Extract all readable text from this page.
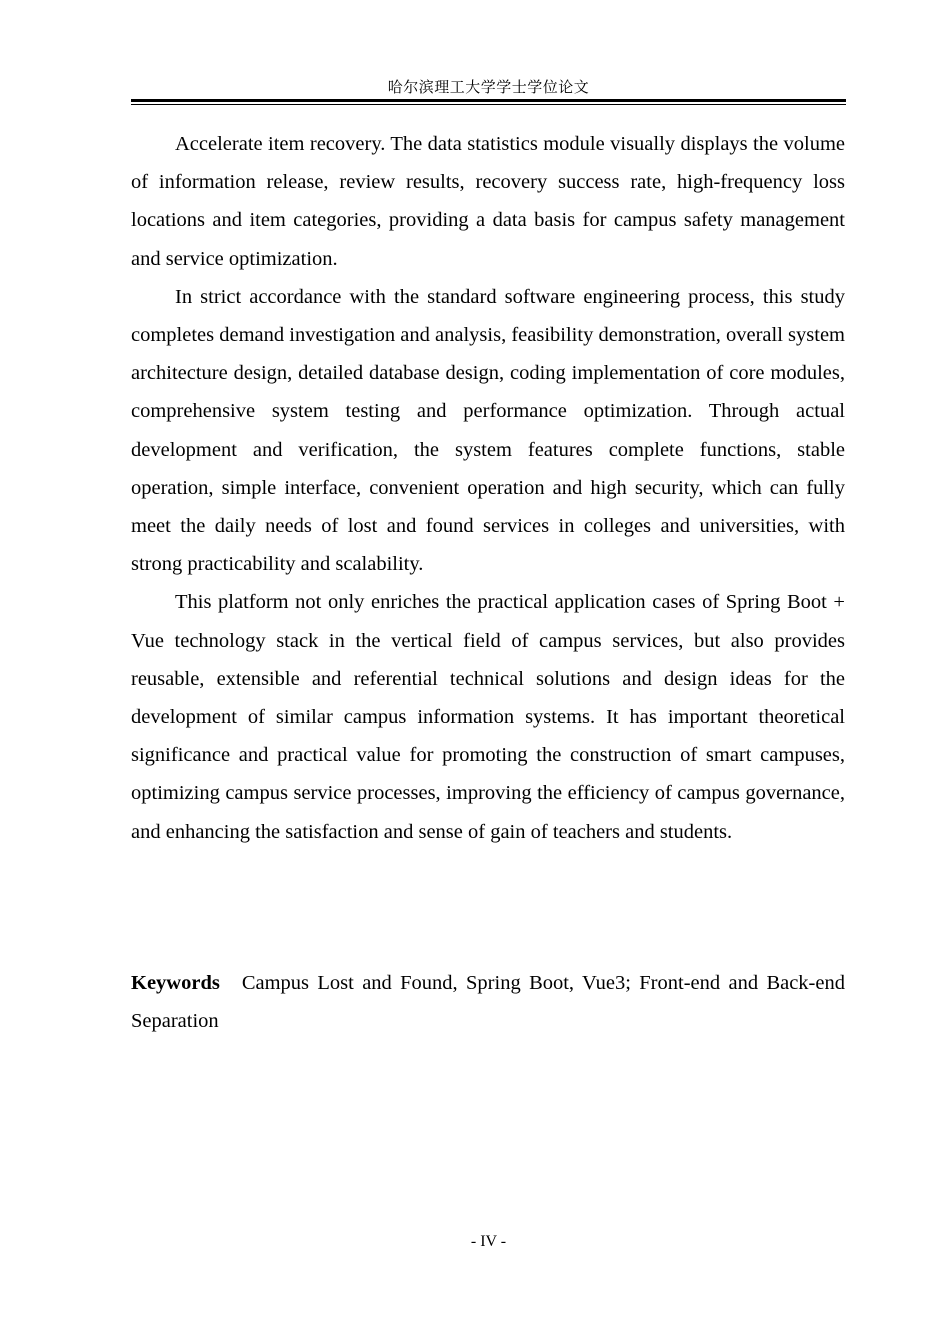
哈尔滨理工大学学士学位论文

Accelerate item recovery. The data statistics module visually displays the volume of information release, review results, recovery success rate, high-frequency loss locations and item categories, providing a data basis for campus safety management and service optimization.

In strict accordance with the standard software engineering process, this study completes demand investigation and analysis, feasibility demonstration, overall system architecture design, detailed database design, coding implementation of core modules, comprehensive system testing and performance optimization. Through actual development and verification, the system features complete functions, stable operation, simple interface, convenient operation and high security, which can fully meet the daily needs of lost and found services in colleges and universities, with strong practicability and scalability.

This platform not only enriches the practical application cases of Spring Boot + Vue technology stack in the vertical field of campus services, but also provides reusable, extensible and referential technical solutions and design ideas for the development of similar campus information systems. It has important theoretical significance and practical value for promoting the construction of smart campuses, optimizing campus service processes, improving the efficiency of campus governance, and enhancing the satisfaction and sense of gain of teachers and students.

Keywords Campus Lost and Found, Spring Boot, Vue3; Front-end and Back-end Separation
- IV -
